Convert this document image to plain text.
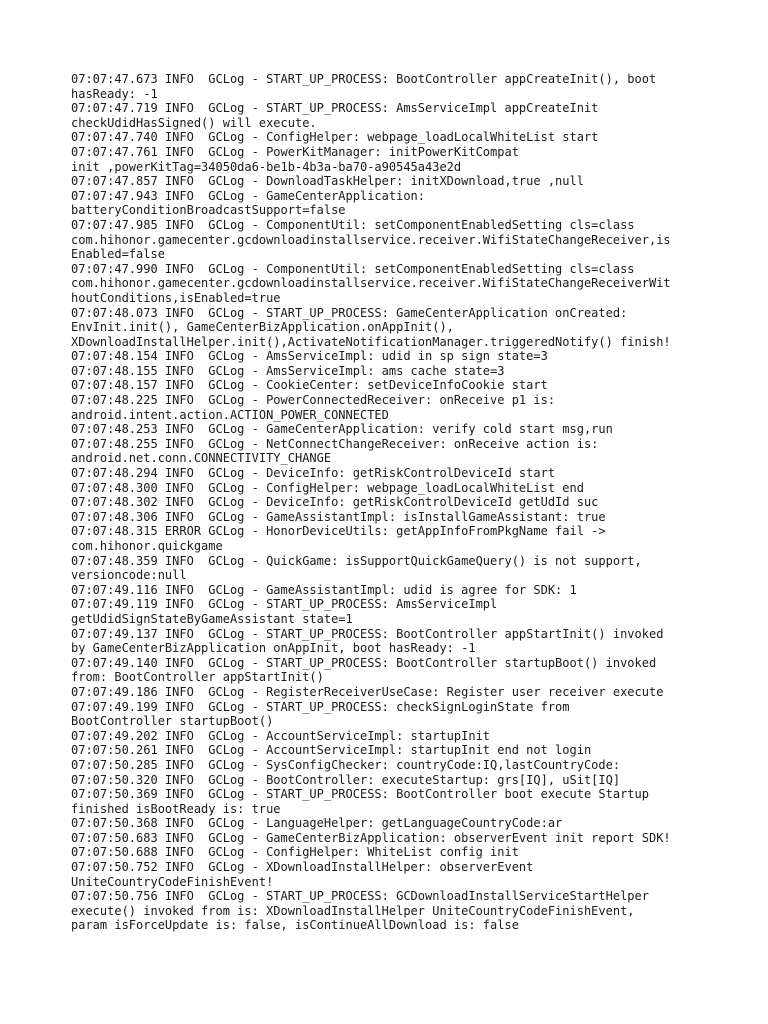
07:07:47.673 INFO  GCLog - START_UP_PROCESS: BootController appCreateInit(), boot
hasReady: -1
07:07:47.719 INFO  GCLog - START_UP_PROCESS: AmsServiceImpl appCreateInit
checkUdidHasSigned() will execute.
07:07:47.740 INFO  GCLog - ConfigHelper: webpage_loadLocalWhiteList start
07:07:47.761 INFO  GCLog - PowerKitManager: initPowerKitCompat
init ,powerKitTag=34050da6-be1b-4b3a-ba70-a90545a43e2d
07:07:47.857 INFO  GCLog - DownloadTaskHelper: initXDownload,true ,null
07:07:47.943 INFO  GCLog - GameCenterApplication:
batteryConditionBroadcastSupport=false
07:07:47.985 INFO  GCLog - ComponentUtil: setComponentEnabledSetting cls=class
com.hihonor.gamecenter.gcdownloadinstallservice.receiver.WifiStateChangeReceiver,is
Enabled=false
07:07:47.990 INFO  GCLog - ComponentUtil: setComponentEnabledSetting cls=class
com.hihonor.gamecenter.gcdownloadinstallservice.receiver.WifiStateChangeReceiverWit
houtConditions,isEnabled=true
07:07:48.073 INFO  GCLog - START_UP_PROCESS: GameCenterApplication onCreated:
EnvInit.init(), GameCenterBizApplication.onAppInit(),
XDownloadInstallHelper.init(),ActivateNotificationManager.triggeredNotify() finish!
07:07:48.154 INFO  GCLog - AmsServiceImpl: udid in sp sign state=3
07:07:48.155 INFO  GCLog - AmsServiceImpl: ams cache state=3
07:07:48.157 INFO  GCLog - CookieCenter: setDeviceInfoCookie start
07:07:48.225 INFO  GCLog - PowerConnectedReceiver: onReceive p1 is:
android.intent.action.ACTION_POWER_CONNECTED
07:07:48.253 INFO  GCLog - GameCenterApplication: verify cold start msg,run
07:07:48.255 INFO  GCLog - NetConnectChangeReceiver: onReceive action is:
android.net.conn.CONNECTIVITY_CHANGE
07:07:48.294 INFO  GCLog - DeviceInfo: getRiskControlDeviceId start
07:07:48.300 INFO  GCLog - ConfigHelper: webpage_loadLocalWhiteList end
07:07:48.302 INFO  GCLog - DeviceInfo: getRiskControlDeviceId getUdId suc
07:07:48.306 INFO  GCLog - GameAssistantImpl: isInstallGameAssistant: true
07:07:48.315 ERROR GCLog - HonorDeviceUtils: getAppInfoFromPkgName fail ->
com.hihonor.quickgame
07:07:48.359 INFO  GCLog - QuickGame: isSupportQuickGameQuery() is not support,
versioncode:null
07:07:49.116 INFO  GCLog - GameAssistantImpl: udid is agree for SDK: 1
07:07:49.119 INFO  GCLog - START_UP_PROCESS: AmsServiceImpl
getUdidSignStateByGameAssistant state=1
07:07:49.137 INFO  GCLog - START_UP_PROCESS: BootController appStartInit() invoked
by GameCenterBizApplication onAppInit, boot hasReady: -1
07:07:49.140 INFO  GCLog - START_UP_PROCESS: BootController startupBoot() invoked
from: BootController appStartInit()
07:07:49.186 INFO  GCLog - RegisterReceiverUseCase: Register user receiver execute
07:07:49.199 INFO  GCLog - START_UP_PROCESS: checkSignLoginState from
BootController startupBoot()
07:07:49.202 INFO  GCLog - AccountServiceImpl: startupInit
07:07:50.261 INFO  GCLog - AccountServiceImpl: startupInit end not login
07:07:50.285 INFO  GCLog - SysConfigChecker: countryCode:IQ,lastCountryCode:
07:07:50.320 INFO  GCLog - BootController: executeStartup: grs[IQ], uSit[IQ]
07:07:50.369 INFO  GCLog - START_UP_PROCESS: BootController boot execute Startup
finished isBootReady is: true
07:07:50.368 INFO  GCLog - LanguageHelper: getLanguageCountryCode:ar
07:07:50.683 INFO  GCLog - GameCenterBizApplication: observerEvent init report SDK!
07:07:50.688 INFO  GCLog - ConfigHelper: WhiteList config init
07:07:50.752 INFO  GCLog - XDownloadInstallHelper: observerEvent
UniteCountryCodeFinishEvent!
07:07:50.756 INFO  GCLog - START_UP_PROCESS: GCDownloadInstallServiceStartHelper
execute() invoked from is: XDownloadInstallHelper UniteCountryCodeFinishEvent,
param isForceUpdate is: false, isContinueAllDownload is: false
